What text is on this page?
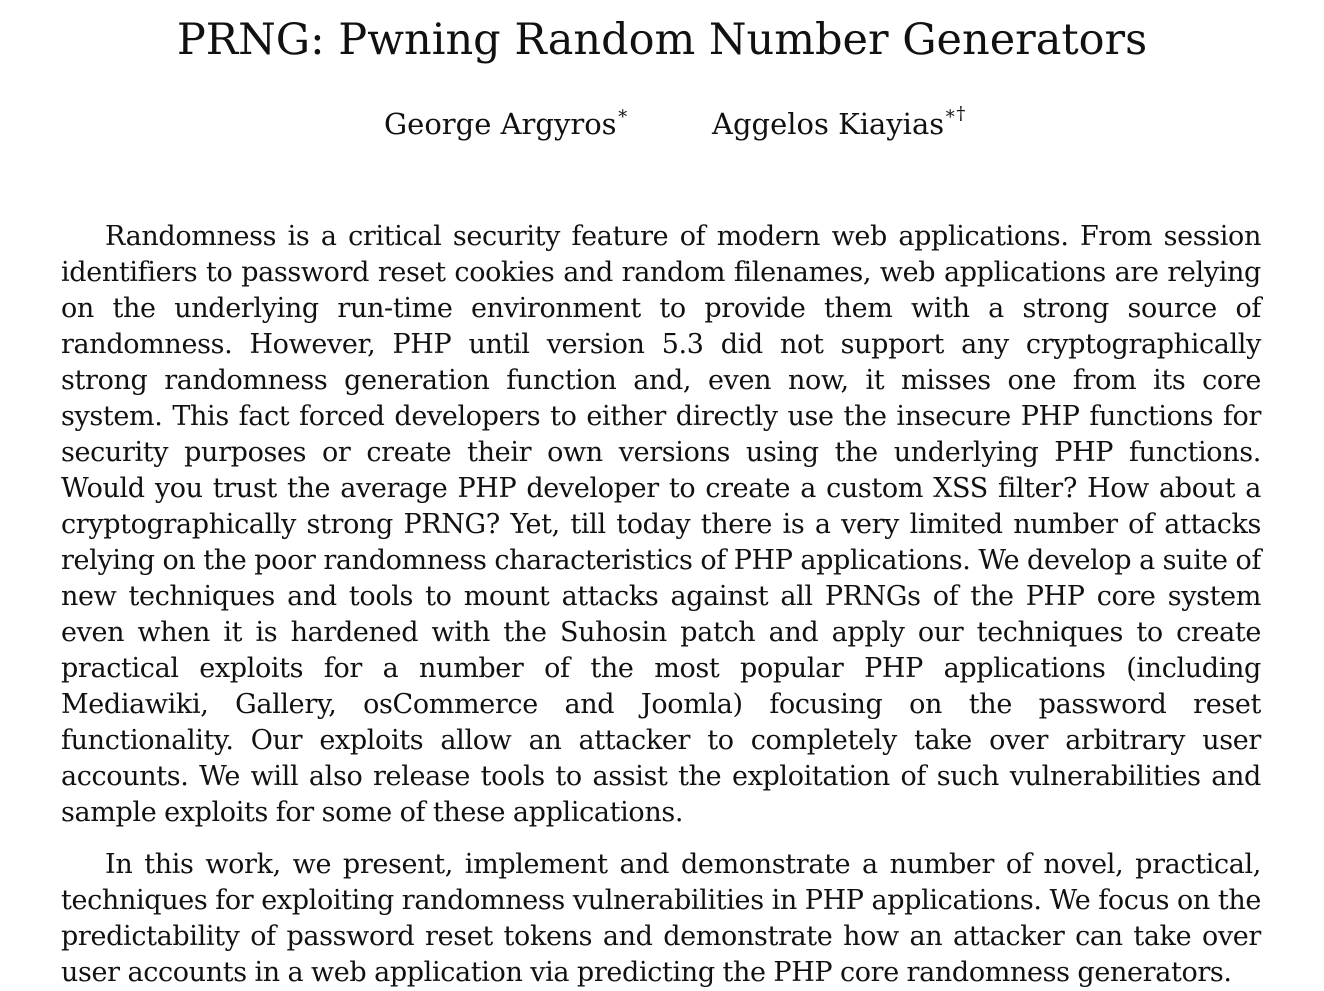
PRNG: Pwning Random Number Generators
George Argyros∗	Aggelos Kiayias∗†

Randomness is a critical security feature of modern web applications. From session identifiers to password reset cookies and random filenames, web applications are relying on the underlying run-time environment to provide them with a strong source of randomness. However, PHP until version 5.3 did not support any cryptographically strong randomness generation function and, even now, it misses one from its core system. This fact forced developers to either directly use the insecure PHP functions for security purposes or create their own versions using the underlying PHP functions. Would you trust the average PHP developer to create a custom XSS filter? How about a cryptographically strong PRNG? Yet, till today there is a very limited number of attacks relying on the poor randomness characteristics of PHP applications. We develop a suite of new techniques and tools to mount attacks against all PRNGs of the PHP core system even when it is hardened with the Suhosin patch and apply our techniques to create practical exploits for a number of the most popular PHP applications (including Mediawiki, Gallery, osCommerce and Joomla) focusing on the password reset functionality. Our exploits allow an attacker to completely take over arbitrary user accounts. We will also release tools to assist the exploitation of such vulnerabilities and sample exploits for some of these applications.

In this work, we present, implement and demonstrate a number of novel, practical, techniques for exploiting randomness vulnerabilities in PHP applications. We focus on the predictability of password reset tokens and demonstrate how an attacker can take over user accounts in a web application via predicting the PHP core randomness generators.
